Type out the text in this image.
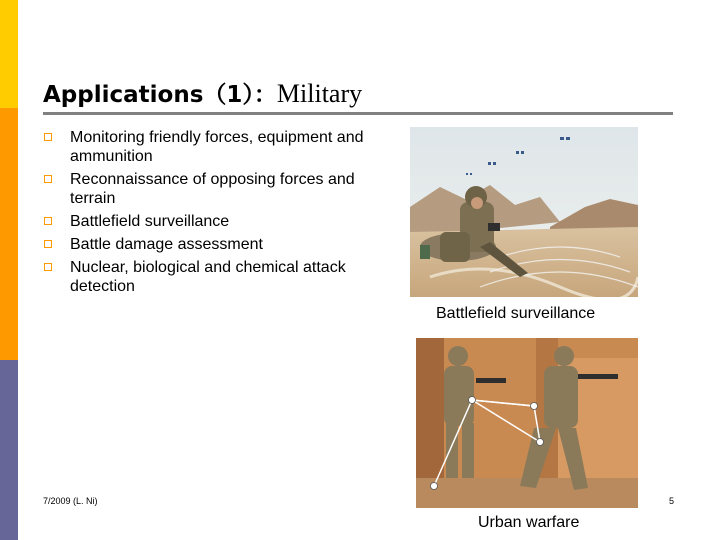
Applications（1）：Military
Monitoring friendly forces, equipment and ammunition
Reconnaissance of opposing forces and terrain
Battlefield surveillance
Battle damage assessment
Nuclear, biological and chemical attack detection
Battlefield surveillance
Urban warfare
7/2009 (L. Ni)	5
